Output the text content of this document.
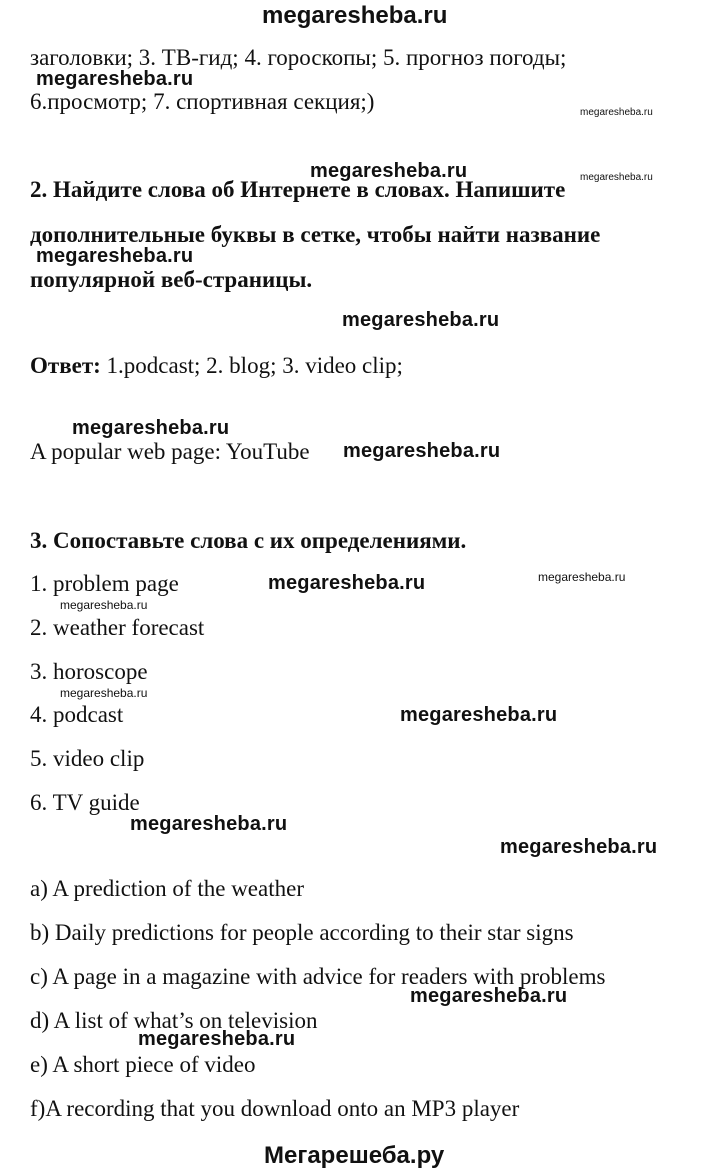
megaresheba.ru
заголовки; 3. ТВ-гид; 4. гороскопы; 5. прогноз погоды;
6.просмотр; 7. спортивная секция;)
2. Найдите слова об Интернете в словах. Напишите
дополнительные буквы в сетке, чтобы найти название
популярной веб-страницы.
Ответ: 1.podcast; 2. blog; 3. video clip;
A popular web page: YouTube
3. Сопоставьте слова с их определениями.
1. problem page
2. weather forecast
3. horoscope
4. podcast
5. video clip
6. TV guide
a) A prediction of the weather
b) Daily predictions for people according to their star signs
c) A page in a magazine with advice for readers with problems
d) A list of what’s on television
e) A short piece of video
f)A recording that you download onto an MP3 player
megaresheba.ru
megaresheba.ru
megaresheba.ru
megaresheba.ru
megaresheba.ru
megaresheba.ru
megaresheba.ru
megaresheba.ru
megaresheba.ru
megaresheba.ru
megaresheba.ru
megaresheba.ru
megaresheba.ru
megaresheba.ru
megaresheba.ru
megaresheba.ru
megaresheba.ru
Мегарешеба.ру
